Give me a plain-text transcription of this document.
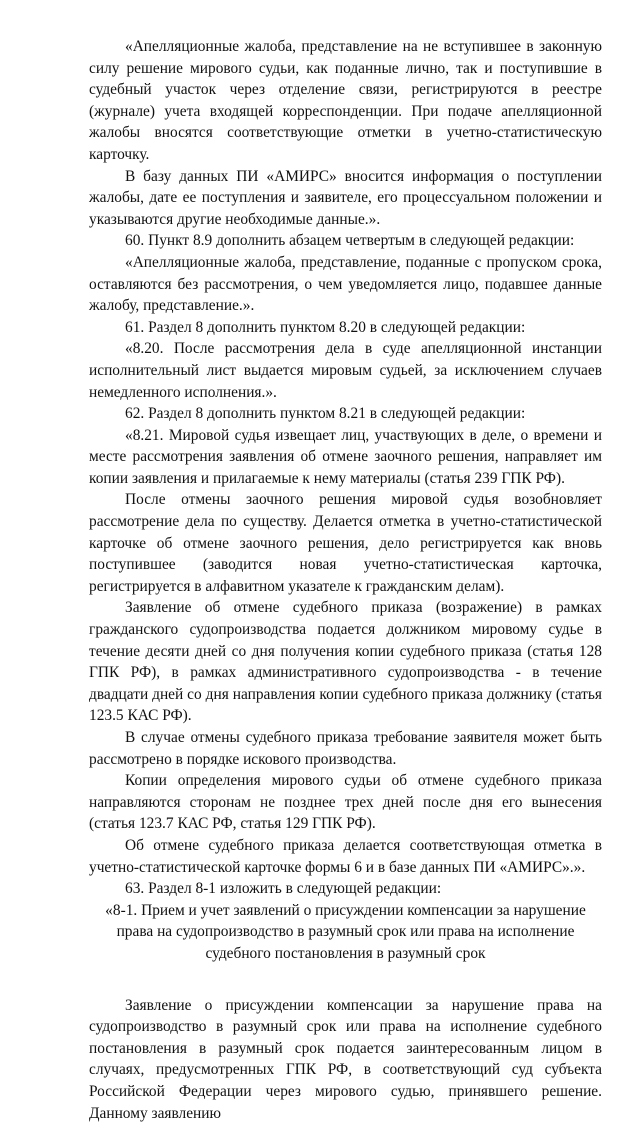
«Апелляционные жалоба, представление на не вступившее в законную силу решение мирового судьи, как поданные лично, так и поступившие в судебный участок через отделение связи, регистрируются в реестре (журнале) учета входящей корреспонденции. При подаче апелляционной жалобы вносятся соответствующие отметки в учетно-статистическую карточку.

В базу данных ПИ «АМИРС» вносится информация о поступлении жалобы, дате ее поступления и заявителе, его процессуальном положении и указываются другие необходимые данные.».

60. Пункт 8.9 дополнить абзацем четвертым в следующей редакции:

«Апелляционные жалоба, представление, поданные с пропуском срока, оставляются без рассмотрения, о чем уведомляется лицо, подавшее данные жалобу, представление.».

61. Раздел 8 дополнить пунктом 8.20 в следующей редакции:

«8.20. После рассмотрения дела в суде апелляционной инстанции исполнительный лист выдается мировым судьей, за исключением случаев немедленного исполнения.».

62. Раздел 8 дополнить пунктом 8.21 в следующей редакции:

«8.21. Мировой судья извещает лиц, участвующих в деле, о времени и месте рассмотрения заявления об отмене заочного решения, направляет им копии заявления и прилагаемые к нему материалы (статья 239 ГПК РФ).

После отмены заочного решения мировой судья возобновляет рассмотрение дела по существу. Делается отметка в учетно-статистической карточке об отмене заочного решения, дело регистрируется как вновь поступившее (заводится новая учетно-статистическая карточка, регистрируется в алфавитном указателе к гражданским делам).

Заявление об отмене судебного приказа (возражение) в рамках гражданского судопроизводства подается должником мировому судье в течение десяти дней со дня получения копии судебного приказа (статья 128 ГПК РФ), в рамках административного судопроизводства - в течение двадцати дней со дня направления копии судебного приказа должнику (статья 123.5 КАС РФ).

В случае отмены судебного приказа требование заявителя может быть рассмотрено в порядке искового производства.

Копии определения мирового судьи об отмене судебного приказа направляются сторонам не позднее трех дней после дня его вынесения (статья 123.7 КАС РФ, статья 129 ГПК РФ).

Об отмене судебного приказа делается соответствующая отметка в учетно-статистической карточке формы 6 и в базе данных ПИ «АМИРС».».

63. Раздел 8-1 изложить в следующей редакции:

«8-1. Прием и учет заявлений о присуждении компенсации за нарушение права на судопроизводство в разумный срок или права на исполнение судебного постановления в разумный срок

Заявление о присуждении компенсации за нарушение права на судопроизводство в разумный срок или права на исполнение судебного постановления в разумный срок подается заинтересованным лицом в случаях, предусмотренных ГПК РФ, в соответствующий суд субъекта Российской Федерации через мирового судью, принявшего решение. Данному заявлению
